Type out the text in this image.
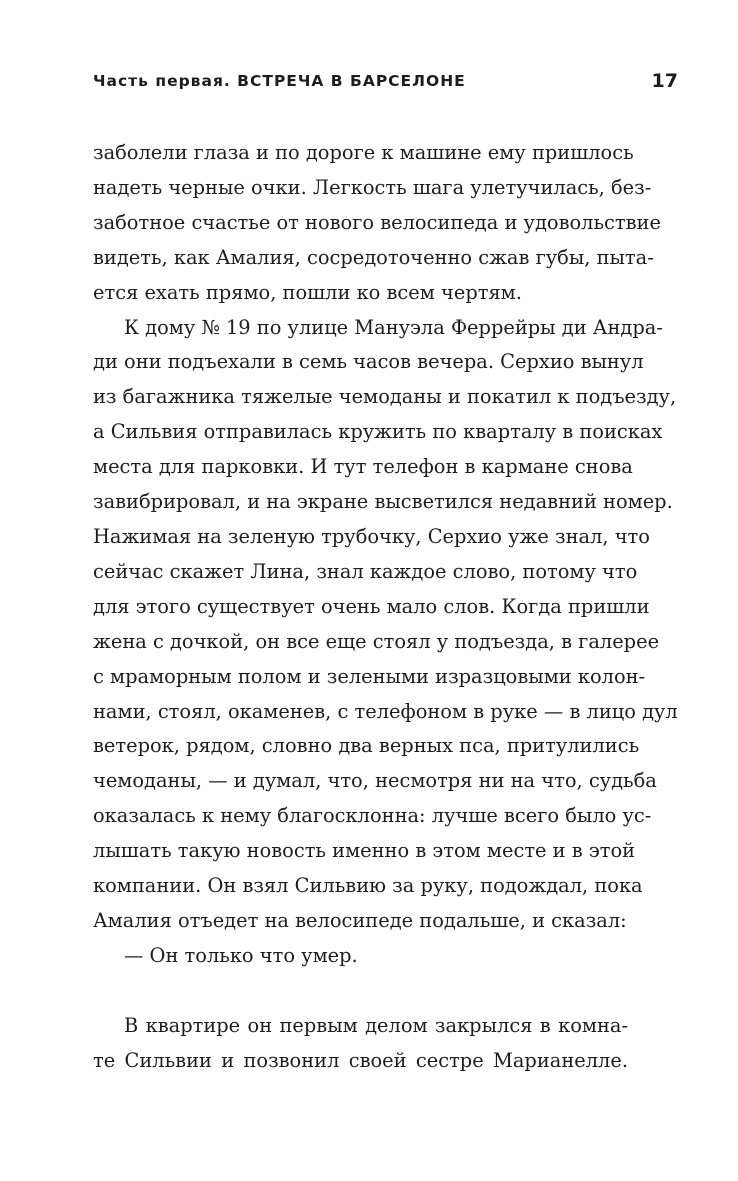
Часть первая. ВСТРЕЧА В БАРСЕЛОНЕ	17
заболели глаза и по дороге к машине ему пришлось
надеть черные очки. Легкость шага улетучилась, без-
заботное счастье от нового велосипеда и удовольствие
видеть, как Амалия, сосредоточенно сжав губы, пыта-
ется ехать прямо, пошли ко всем чертям.
К дому № 19 по улице Мануэла Феррейры ди Андра-
ди они подъехали в семь часов вечера. Серхио вынул
из багажника тяжелые чемоданы и покатил к подъезду,
а Сильвия отправилась кружить по кварталу в поисках
места для парковки. И тут телефон в кармане снова
завибрировал, и на экране высветился недавний номер.
Нажимая на зеленую трубочку, Серхио уже знал, что
сейчас скажет Лина, знал каждое слово, потому что
для этого существует очень мало слов. Когда пришли
жена с дочкой, он все еще стоял у подъезда, в галерее
с мраморным полом и зелеными изразцовыми колон-
нами, стоял, окаменев, с телефоном в руке — в лицо дул
ветерок, рядом, словно два верных пса, притулились
чемоданы, — и думал, что, несмотря ни на что, судьба
оказалась к нему благосклонна: лучше всего было ус-
лышать такую новость именно в этом месте и в этой
компании. Он взял Сильвию за руку, подождал, пока
Амалия отъедет на велосипеде подальше, и сказал:
— Он только что умер.
В квартире он первым делом закрылся в комна-
те Сильвии и позвонил своей сестре Марианелле.
